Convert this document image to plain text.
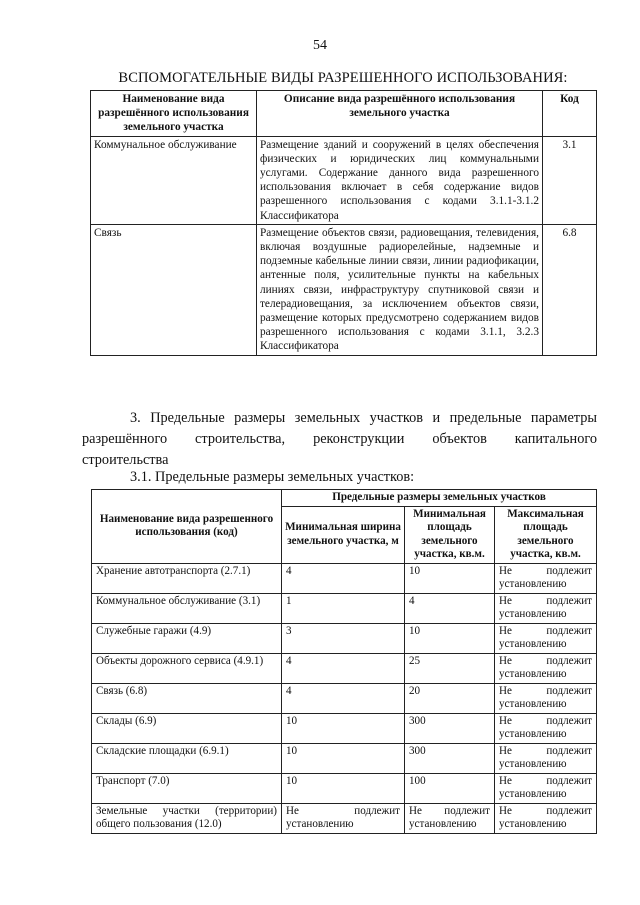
54
ВСПОМОГАТЕЛЬНЫЕ ВИДЫ РАЗРЕШЕННОГО ИСПОЛЬЗОВАНИЯ:
Наименование вида разрешённого использования земельного участка	Описание вида разрешённого использования земельного участка	Код
Коммунальное обслуживание	Размещение зданий и сооружений в целях обеспечения физических и юридических лиц коммунальными услугами. Содержание данного вида разрешенного использования включает в себя содержание видов разрешенного использования с кодами 3.1.1-3.1.2 Классификатора	3.1
Связь	Размещение объектов связи, радиовещания, телевидения, включая воздушные радиорелейные, надземные и подземные кабельные линии связи, линии радиофикации, антенные поля, усилительные пункты на кабельных линиях связи, инфраструктуру спутниковой связи и телерадиовещания, за исключением объектов связи, размещение которых предусмотрено содержанием видов разрешенного использования с кодами 3.1.1, 3.2.3 Классификатора	6.8
3. Предельные размеры земельных участков и предельные параметры разрешённого строительства, реконструкции объектов капитального
строительства
3.1. Предельные размеры земельных участков:
Наименование вида разрешенного использования (код)	Предельные размеры земельных участков		
	Минимальная ширина земельного участка, м	Минимальная площадь земельного участка, кв.м.	Максимальная площадь земельного участка, кв.м.
Хранение автотранспорта (2.7.1)	4	10	Не подлежит
установлению

Коммунальное обслуживание (3.1)	1	4	Не подлежит
установлению

Служебные гаражи (4.9)	3	10	Не подлежит
установлению

Объекты дорожного сервиса (4.9.1)	4	25	Не подлежит
установлению

Связь (6.8)	4	20	Не подлежит
установлению

Склады (6.9)	10	300	Не подлежит
установлению

Складские площадки (6.9.1)	10	300	Не подлежит
установлению

Транспорт (7.0)	10	100	Не подлежит
установлению

Земельные участки (территории) общего пользования (12.0)	Не подлежит
установлению	Не подлежит
установлению	Не подлежит
установлению
